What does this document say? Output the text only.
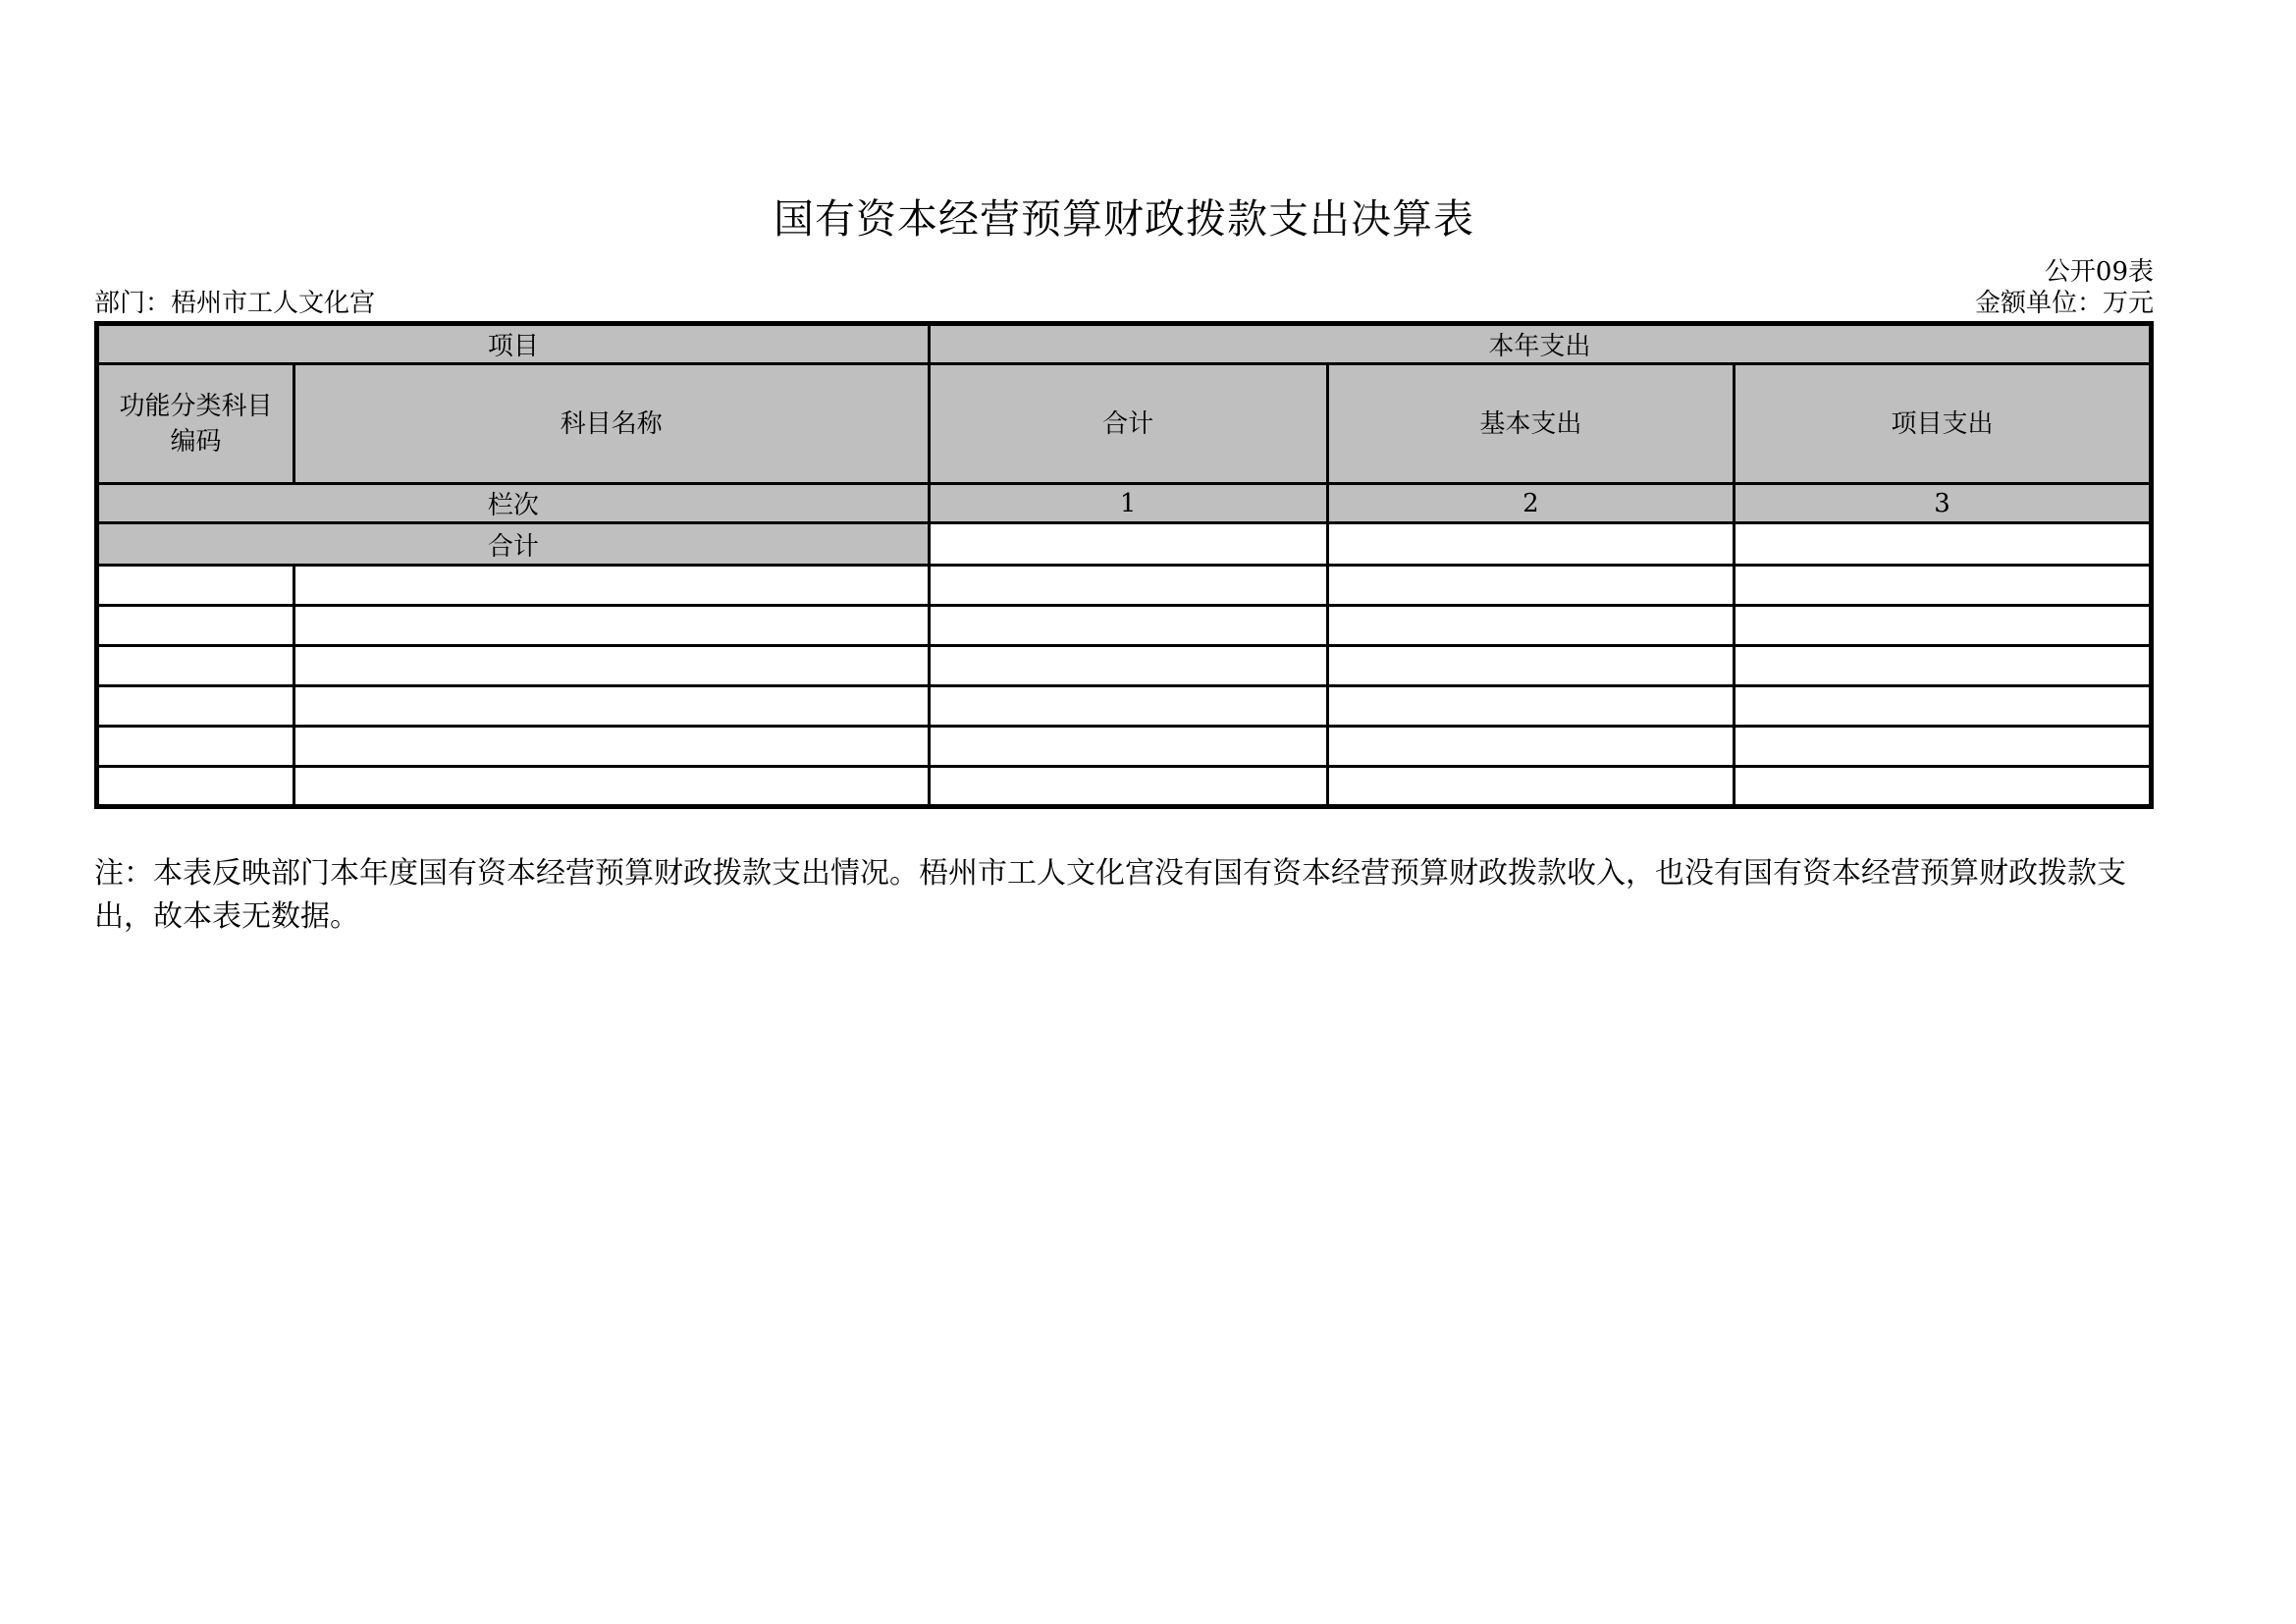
国有资本经营预算财政拨款支出决算表
公开09表
部门：梧州市工人文化宫	金额单位：万元
项目		本年支出		
功能分类科目编码	科目名称	合计	基本支出	项目支出
栏次		1	2	3
合计				

注：本表反映部门本年度国有资本经营预算财政拨款支出情况。梧州市工人文化宫没有国有资本经营预算财政拨款收入，也没有国有资本经营预算财政拨款支出，故本表无数据。
